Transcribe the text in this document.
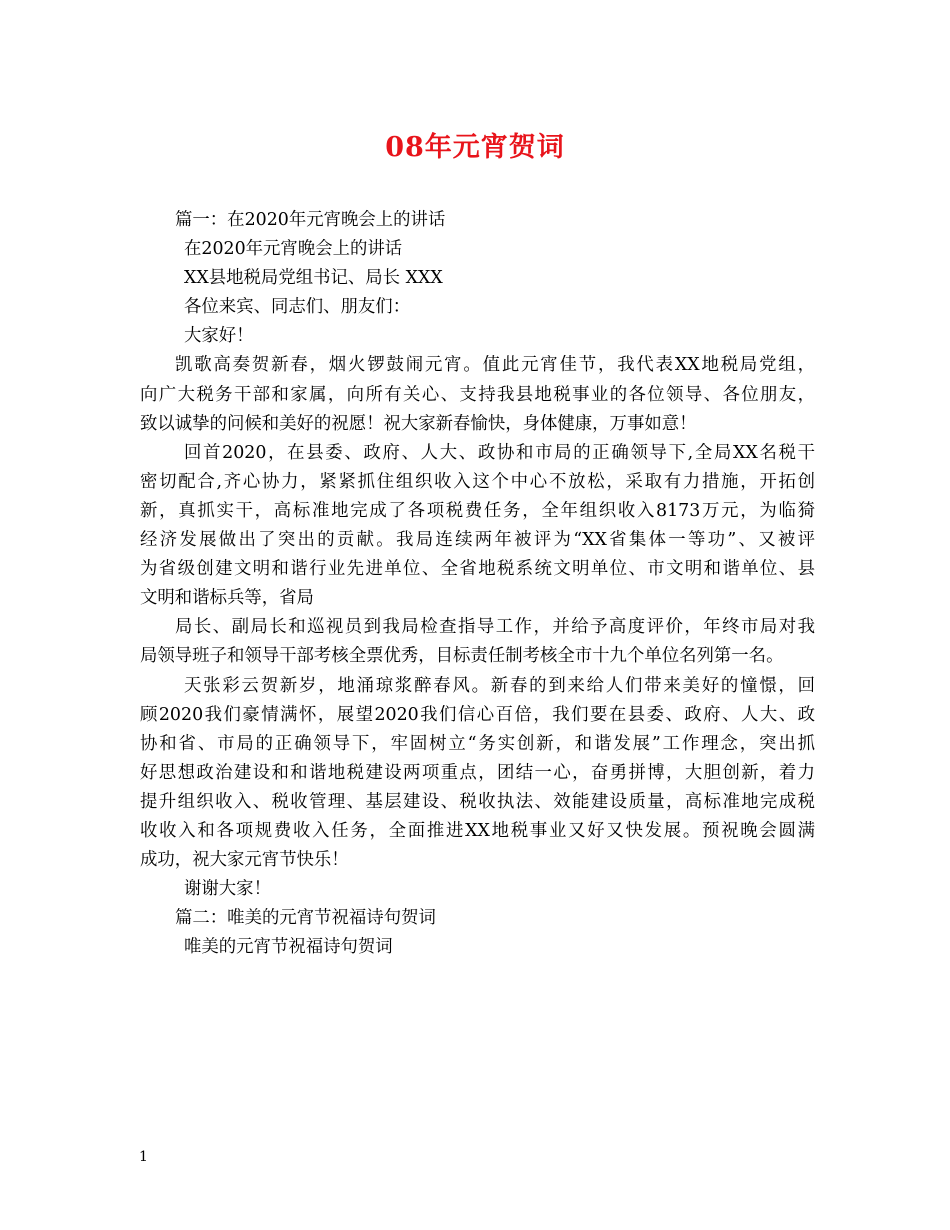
08年元宵贺词
篇一：在2020年元宵晚会上的讲话
在2020年元宵晚会上的讲话
XX县地税局党组书记、局长 XXX
各位来宾、同志们、朋友们：
大家好！
凯歌高奏贺新春，烟火锣鼓闹元宵。值此元宵佳节，我代表XX地税局党组，
向广大税务干部和家属，向所有关心、支持我县地税事业的各位领导、各位朋友，
致以诚挚的问候和美好的祝愿！祝大家新春愉快，身体健康，万事如意！
回首2020，在县委、政府、人大、政协和市局的正确领导下,全局XX名税干
密切配合,齐心协力，紧紧抓住组织收入这个中心不放松，采取有力措施，开拓创
新，真抓实干，高标准地完成了各项税费任务，全年组织收入8173万元，为临猗
经济发展做出了突出的贡献。我局连续两年被评为“XX省集体一等功”、又被评
为省级创建文明和谐行业先进单位、全省地税系统文明单位、市文明和谐单位、县
文明和谐标兵等，省局
局长、副局长和巡视员到我局检查指导工作，并给予高度评价，年终市局对我
局领导班子和领导干部考核全票优秀，目标责任制考核全市十九个单位名列第一名。
天张彩云贺新岁，地涌琼浆醉春风。新春的到来给人们带来美好的憧憬，回
顾2020我们豪情满怀，展望2020我们信心百倍，我们要在县委、政府、人大、政
协和省、市局的正确领导下，牢固树立“务实创新，和谐发展”工作理念，突出抓
好思想政治建设和和谐地税建设两项重点，团结一心，奋勇拼博，大胆创新，着力
提升组织收入、税收管理、基层建设、税收执法、效能建设质量，高标准地完成税
收收入和各项规费收入任务，全面推进XX地税事业又好又快发展。预祝晚会圆满
成功，祝大家元宵节快乐！
谢谢大家！
篇二：唯美的元宵节祝福诗句贺词
唯美的元宵节祝福诗句贺词
1
